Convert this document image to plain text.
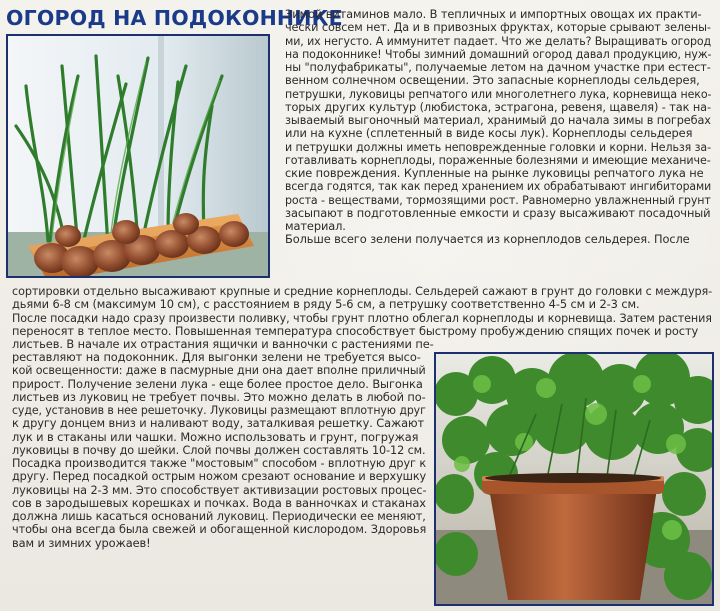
ОГОРОД НА ПОДОКОННИКЕ
Зимой витаминов мало. В тепличных и импортных овощах их практи-
чески совсем нет. Да и в привозных фруктах, которые срывают зелены-
ми, их негусто. А иммунитет падает. Что же делать? Выращивать огород
на подоконнике! Чтобы зимний домашний огород давал продукцию, нуж-
ны "полуфабрикаты", получаемые летом на дачном участке при естест-
венном солнечном освещении. Это запасные корнеплоды сельдерея,
петрушки, луковицы репчатого или многолетнего лука, корневища неко-
торых других культур (любистока, эстрагона, ревеня, щавеля) - так на-
зываемый выгоночный материал, хранимый до начала зимы в погребах
или на кухне (сплетенный в виде косы лук). Корнеплоды сельдерея
и петрушки должны иметь неповрежденные головки и корни. Нельзя за-
готавливать корнеплоды, пораженные болезнями и имеющие механиче-
ские повреждения. Купленные на рынке луковицы репчатого лука не
всегда годятся, так как перед хранением их обрабатывают ингибиторами
роста - веществами, тормозящими рост. Равномерно увлажненный грунт
засыпают в подготовленные емкости и сразу высаживают посадочный
материал.
Больше всего зелени получается из корнеплодов сельдерея. После
сортировки отдельно высаживают крупные и средние корнеплоды. Сельдерей сажают в грунт до головки с междуря-
дьями 6-8 см (максимум 10 см), с расстоянием в ряду 5-6 см, а петрушку соответственно 4-5 см и 2-3 см.
После посадки надо сразу произвести поливку, чтобы грунт плотно облегал корнеплоды и корневища. Затем растения
переносят в теплое место. Повышенная температура способствует быстрому пробуждению спящих почек и росту
листьев. В начале их отрастания ящички и ванночки с растениями пе-
реставляют на подоконник. Для выгонки зелени не требуется высо-
кой освещенности: даже в пасмурные дни она дает вполне приличный
прирост. Получение зелени лука - еще более простое дело. Выгонка
листьев из луковиц не требует почвы. Это можно делать в любой по-
суде, установив в нее решеточку. Луковицы размещают вплотную друг
к другу донцем вниз и наливают воду, заталкивая решетку. Сажают
лук и в стаканы или чашки. Можно использовать и грунт, погружая
луковицы в почву до шейки. Слой почвы должен составлять 10-12 см.
Посадка производится также "мостовым" способом - вплотную друг к
другу. Перед посадкой острым ножом срезают основание и верхушку
луковицы на 2-3 мм. Это способствует активизации ростовых процес-
сов в зародышевых корешках и почках. Вода в ванночках и стаканах
должна лишь касаться оснований луковиц. Периодически ее меняют,
чтобы она всегда была свежей и обогащенной кислородом. Здоровья
вам и зимних урожаев!
